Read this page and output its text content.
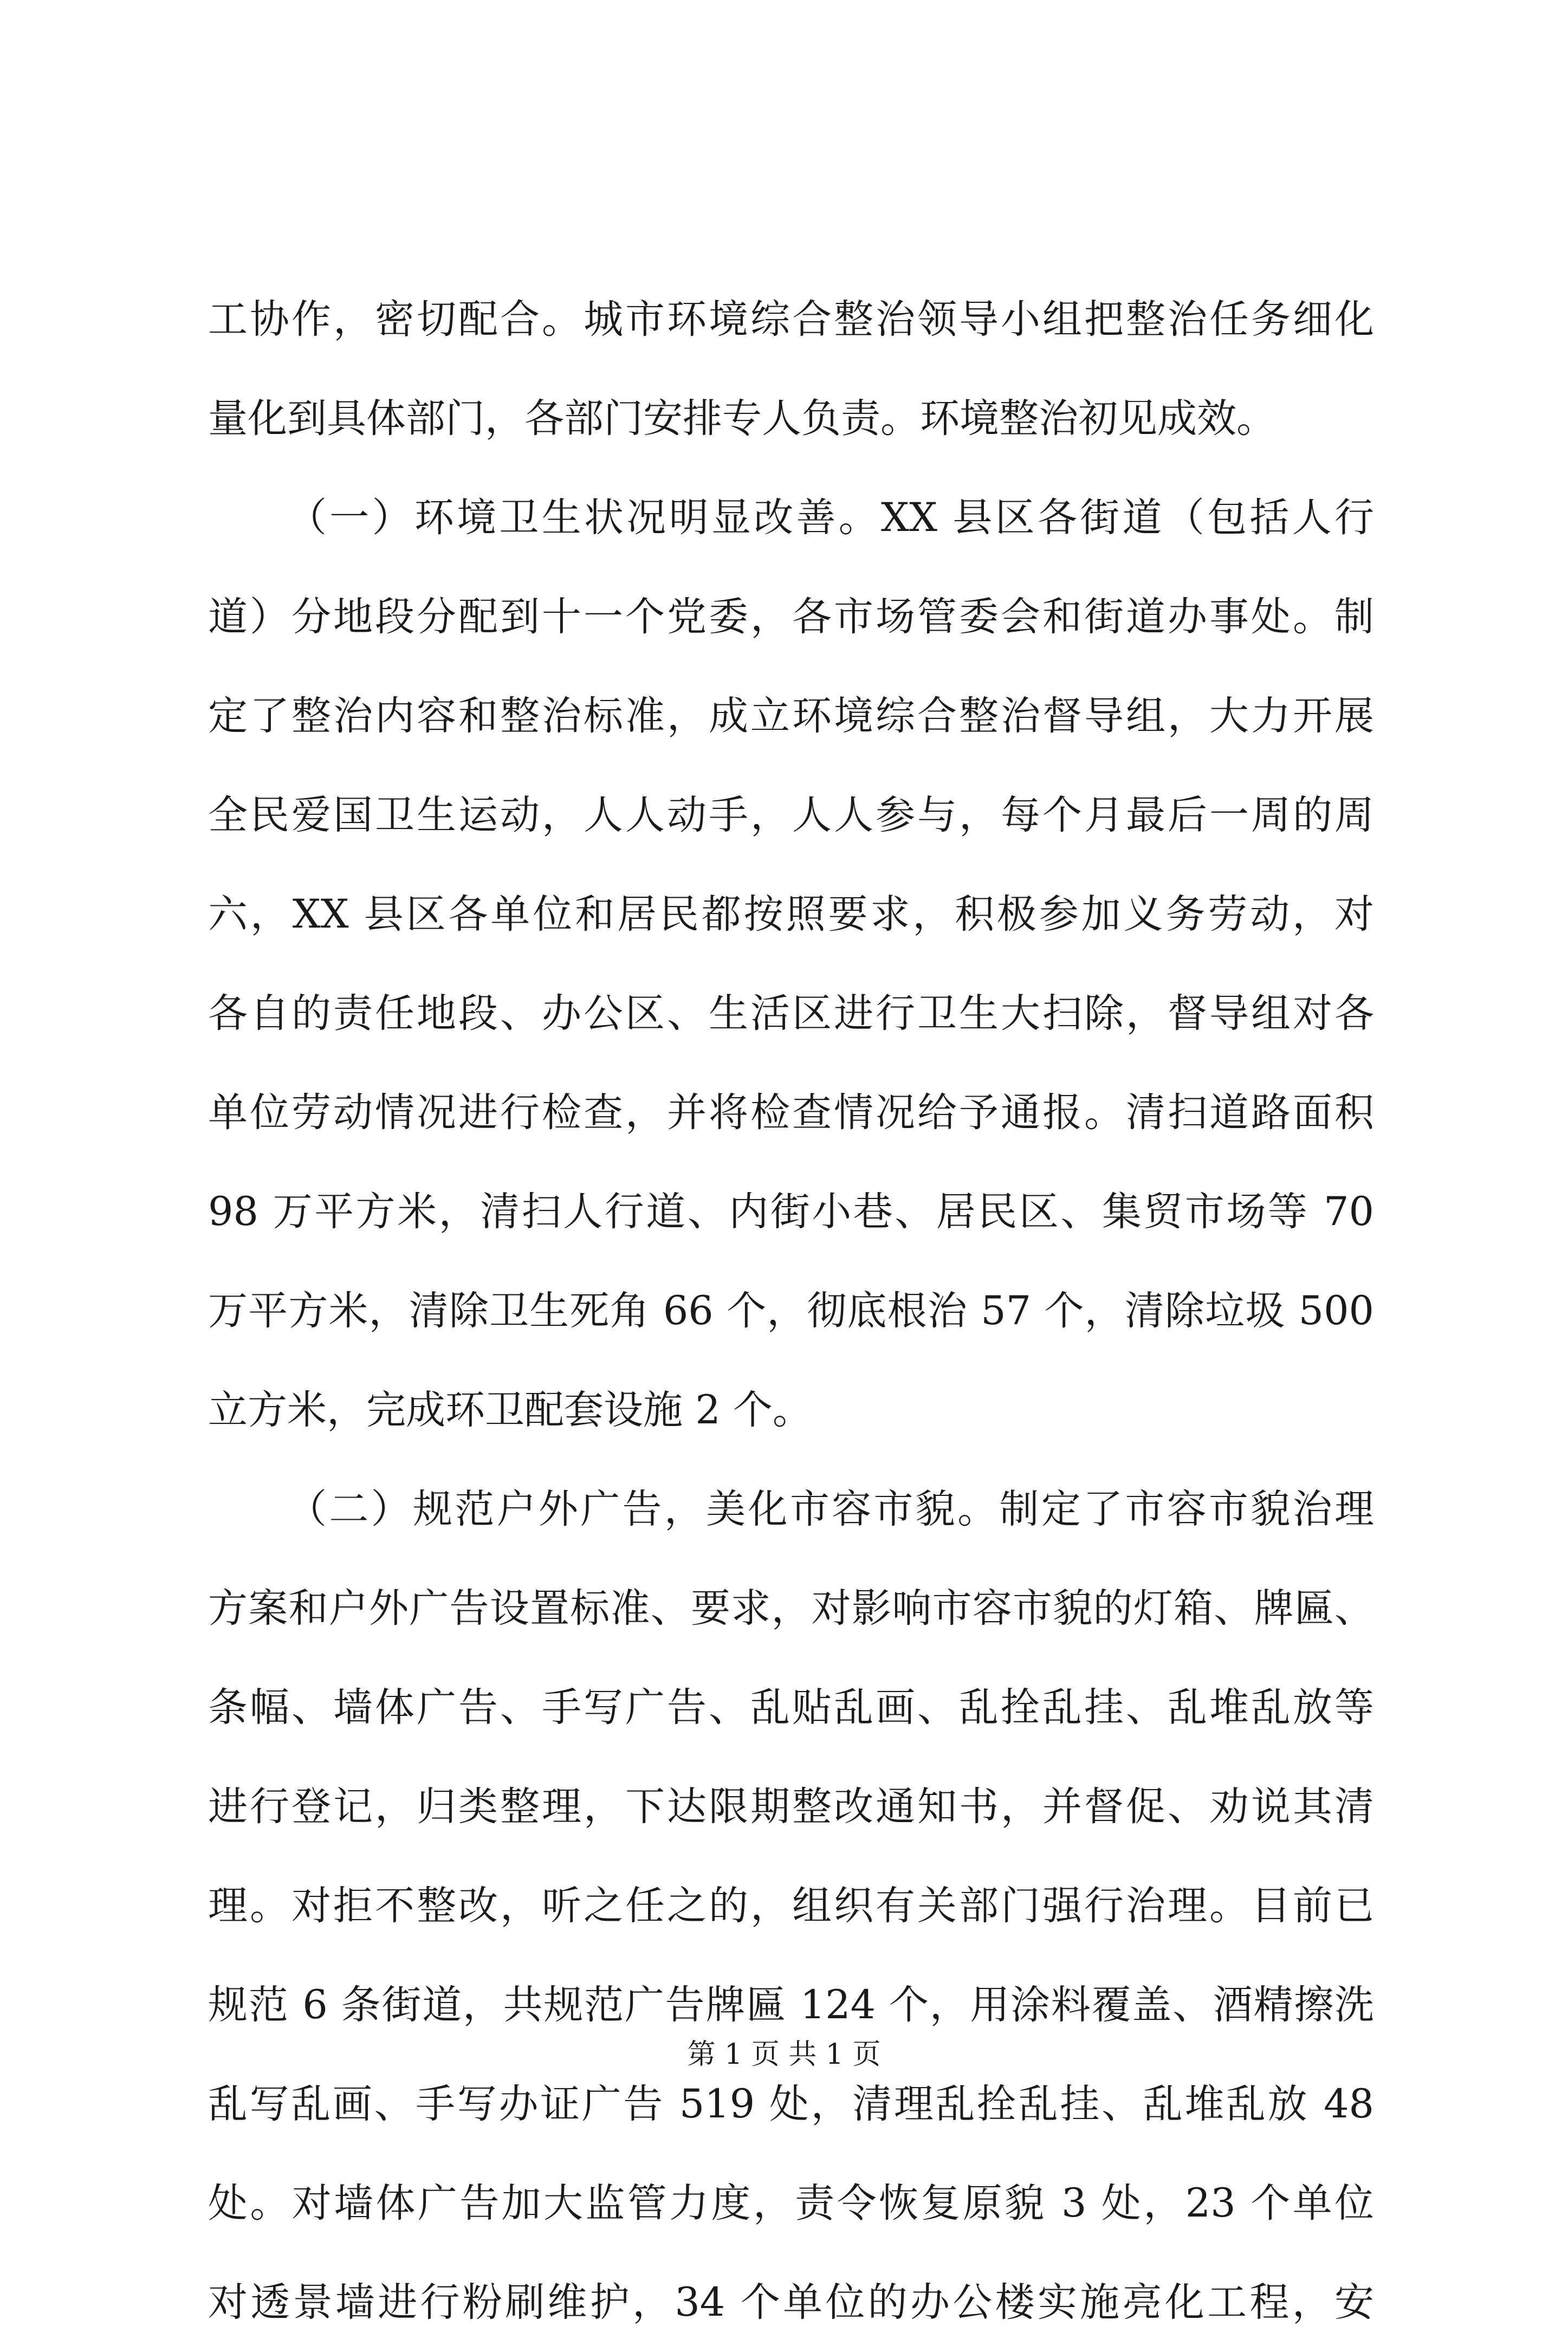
工协作，密切配合。城市环境综合整治领导小组把整治任务细化
量化到具体部门，各部门安排专人负责。环境整治初见成效。
（一）环境卫生状况明显改善。XX 县区各街道（包括人行
道）分地段分配到十一个党委，各市场管委会和街道办事处。制
定了整治内容和整治标准，成立环境综合整治督导组，大力开展
全民爱国卫生运动，人人动手，人人参与，每个月最后一周的周
六，XX 县区各单位和居民都按照要求，积极参加义务劳动，对
各自的责任地段、办公区、生活区进行卫生大扫除，督导组对各
单位劳动情况进行检查，并将检查情况给予通报。清扫道路面积
98 万平方米，清扫人行道、内街小巷、居民区、集贸市场等 70
万平方米，清除卫生死角 66 个，彻底根治 57 个，清除垃圾 500
立方米，完成环卫配套设施 2 个。
（二）规范户外广告，美化市容市貌。制定了市容市貌治理
方案和户外广告设置标准、要求，对影响市容市貌的灯箱、牌匾、
条幅、墙体广告、手写广告、乱贴乱画、乱拴乱挂、乱堆乱放等
进行登记，归类整理，下达限期整改通知书，并督促、劝说其清
理。对拒不整改，听之任之的，组织有关部门强行治理。目前已
规范 6 条街道，共规范广告牌匾 124 个，用涂料覆盖、酒精擦洗
乱写乱画、手写办证广告 519 处，清理乱拴乱挂、乱堆乱放 48
处。对墙体广告加大监管力度，责令恢复原貌 3 处，23 个单位
对透景墙进行粉刷维护，34 个单位的办公楼实施亮化工程，安
第 1 页 共 1 页
